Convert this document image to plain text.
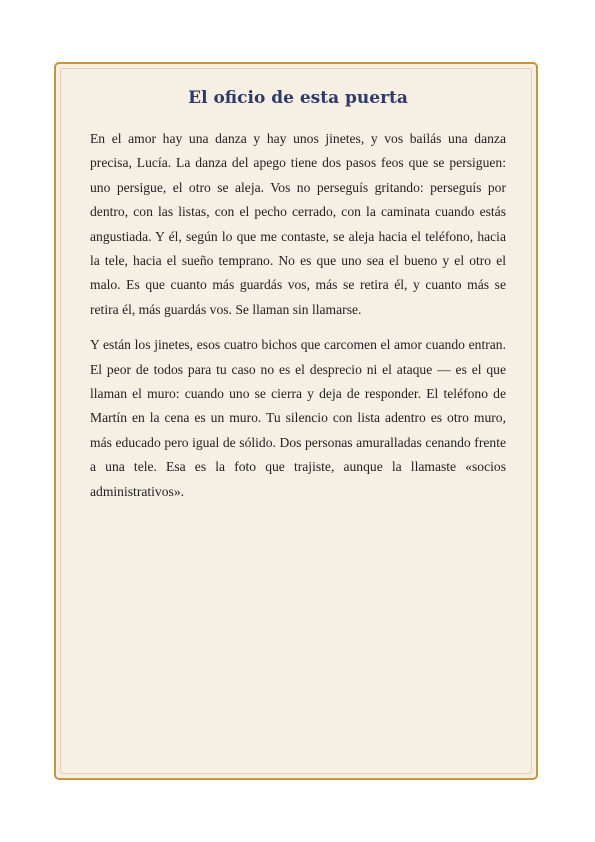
El oficio de esta puerta

En el amor hay una danza y hay unos jinetes, y vos bailás una danza precisa, Lucía. La danza del apego tiene dos pasos feos que se persiguen: uno persigue, el otro se aleja. Vos no perseguís gritando: perseguís por dentro, con las listas, con el pecho cerrado, con la caminata cuando estás angustiada. Y él, según lo que me contaste, se aleja hacia el teléfono, hacia la tele, hacia el sueño temprano. No es que uno sea el bueno y el otro el malo. Es que cuanto más guardás vos, más se retira él, y cuanto más se retira él, más guardás vos. Se llaman sin llamarse.

Y están los jinetes, esos cuatro bichos que carcomen el amor cuando entran. El peor de todos para tu caso no es el desprecio ni el ataque — es el que llaman el muro: cuando uno se cierra y deja de responder. El teléfono de Martín en la cena es un muro. Tu silencio con lista adentro es otro muro, más educado pero igual de sólido. Dos personas amuralladas cenando frente a una tele. Esa es la foto que trajiste, aunque la llamaste «socios administrativos».
